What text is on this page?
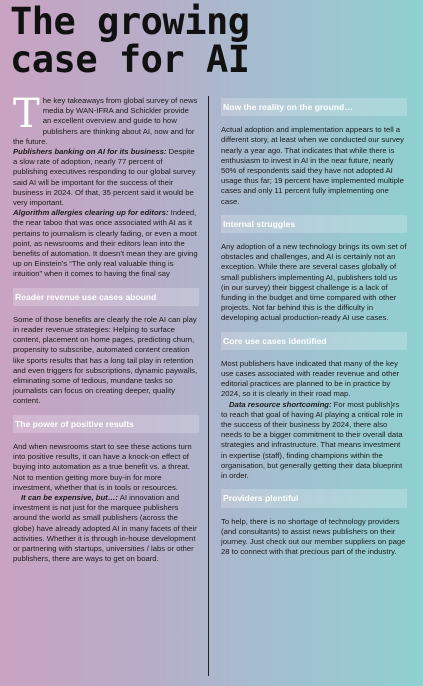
The growing
case for AI
The key takeaways from global survey of news media by WAN-IFRA and Schickler provide an excellent overview and guide to how publishers are thinking about AI, now and for the future.
Publishers banking on AI for its business: Despite a slow rate of adoption, nearly 77 percent of publishing executives responding to our global survey said AI will be important for the success of their business in 2024. Of that, 35 percent said it would be very important.
Algorithm allergies clearing up for editors: Indeed, the near taboo that was once associated with AI as it pertains to journalism is clearly fading, or even a moot point, as newsrooms and their editors lean into the benefits of automation. It doesn’t mean they are giving up on Einstein’s “The only real valuable thing is intuition” when it comes to having the final say
Reader revenue use cases abound
Some of those benefits are clearly the role AI can play in reader revenue strategies: Helping to surface content, placement on home pages, predicting churn, propensity to subscribe, automated content creation like sports results that has a long tail play in retention and even triggers for subscriptions, dynamic paywalls, eliminating some of tedious, mundane tasks so journalists can focus on creating deeper, quality content.
The power of positive results
And when newsrooms start to see these actions turn into positive results, it can have a knock-on effect of buying into automation as a true benefit vs. a threat. Not to mention getting more buy-in for more investment, whether that is in tools or resources.
It can be expensive, but…: AI innovation and investment is not just for the marquee publishers around the world as small publishers (across the globe) have already adopted AI in many facets of their activities. Whether it is through in-house development or partnering with startups, universities / labs or other publishers, there are ways to get on board.
Now the reality on the ground…
Actual adoption and implementation appears to tell a different story, at least when we conducted our survey nearly a year ago. That indicates that while there is enthusiasm to invest in AI in the near future, nearly 50% of respondents said they have not adopted AI usage thus far; 19 percent have implemented multiple cases and only 11 percent fully implementing one case.
Internal struggles
Any adoption of a new technology brings its own set of obstacles and challenges, and AI is certainly not an exception. While there are several cases globally of small publishers implementing AI, publishers told us (in our survey) their biggest challenge is a lack of funding in the budget and time compared with other projects. Not far behind this is the difficulty in developing actual production-ready AI use cases.
Core use cases identified
Most publishers have indicated that many of the key use cases associated with reader revenue and other editorial practices are planned to be in practice by 2024, so it is clearly in their road map.
Data resource shortcoming: For most publish}rs to reach that goal of having AI playing a critical role in the success of their business by 2024, there also needs to be a bigger commitment to their overall data strategies and infrastructure. That means investment in expertise (staff), finding champions within the organisation, but generally getting their data blueprint in order.
Providers plentiful
To help, there is no shortage of technology providers (and consultants) to assist news publishers on their journey. Just check out our member suppliers on page 28 to connect with that precious part of the industry.
